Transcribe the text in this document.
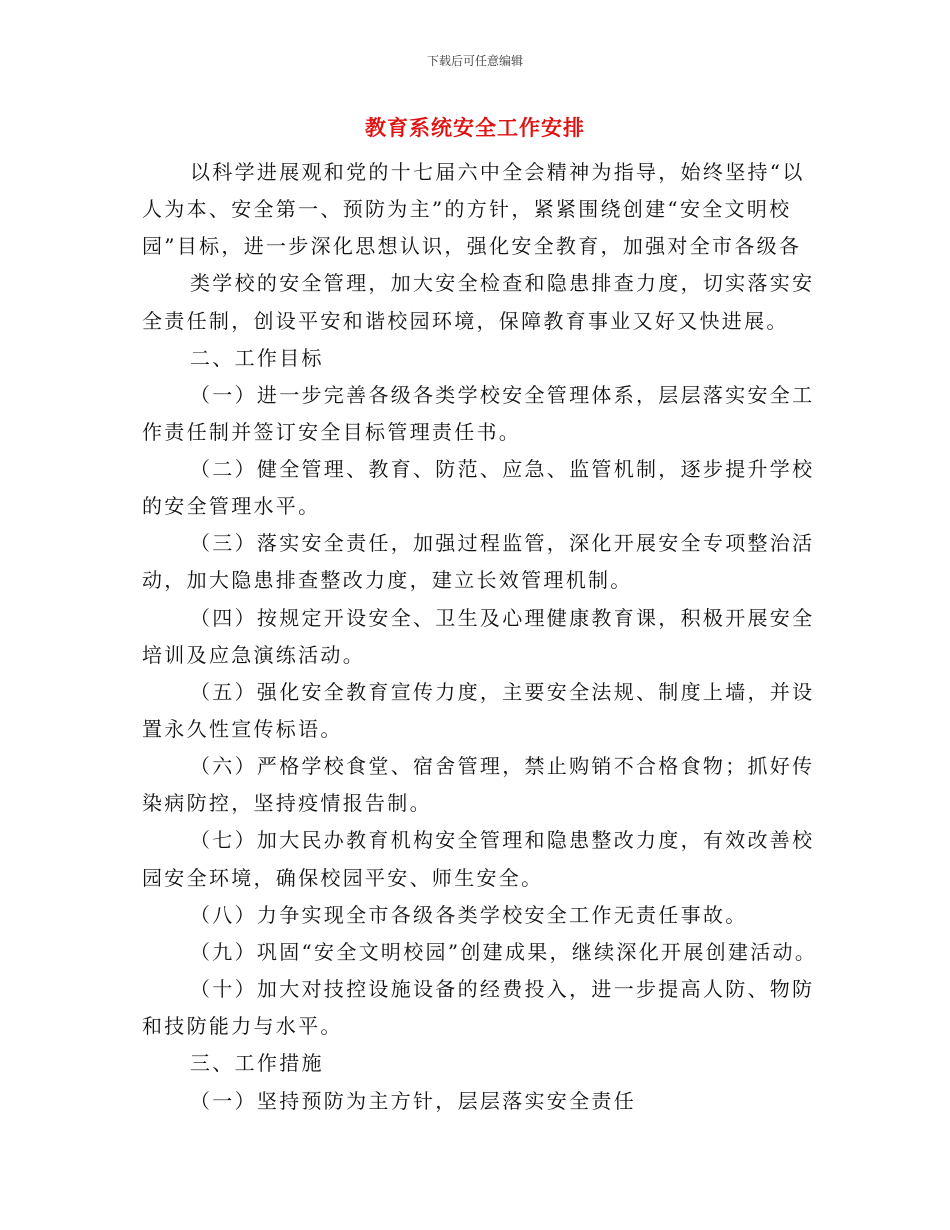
下载后可任意编辑
教育系统安全工作安排
以科学进展观和党的十七届六中全会精神为指导，始终坚持“以
人为本、安全第一、预防为主”的方针，紧紧围绕创建“安全文明校
园”目标，进一步深化思想认识，强化安全教育，加强对全市各级各
类学校的安全管理，加大安全检查和隐患排查力度，切实落实安
全责任制，创设平安和谐校园环境，保障教育事业又好又快进展。
二、工作目标
（一）进一步完善各级各类学校安全管理体系，层层落实安全工
作责任制并签订安全目标管理责任书。
（二）健全管理、教育、防范、应急、监管机制，逐步提升学校
的安全管理水平。
（三）落实安全责任，加强过程监管，深化开展安全专项整治活
动，加大隐患排查整改力度，建立长效管理机制。
（四）按规定开设安全、卫生及心理健康教育课，积极开展安全
培训及应急演练活动。
（五）强化安全教育宣传力度，主要安全法规、制度上墙，并设
置永久性宣传标语。
（六）严格学校食堂、宿舍管理，禁止购销不合格食物；抓好传
染病防控，坚持疫情报告制。
（七）加大民办教育机构安全管理和隐患整改力度，有效改善校
园安全环境，确保校园平安、师生安全。
（八）力争实现全市各级各类学校安全工作无责任事故。
（九）巩固“安全文明校园”创建成果，继续深化开展创建活动。
（十）加大对技控设施设备的经费投入，进一步提高人防、物防
和技防能力与水平。
三、工作措施
（一）坚持预防为主方针，层层落实安全责任
